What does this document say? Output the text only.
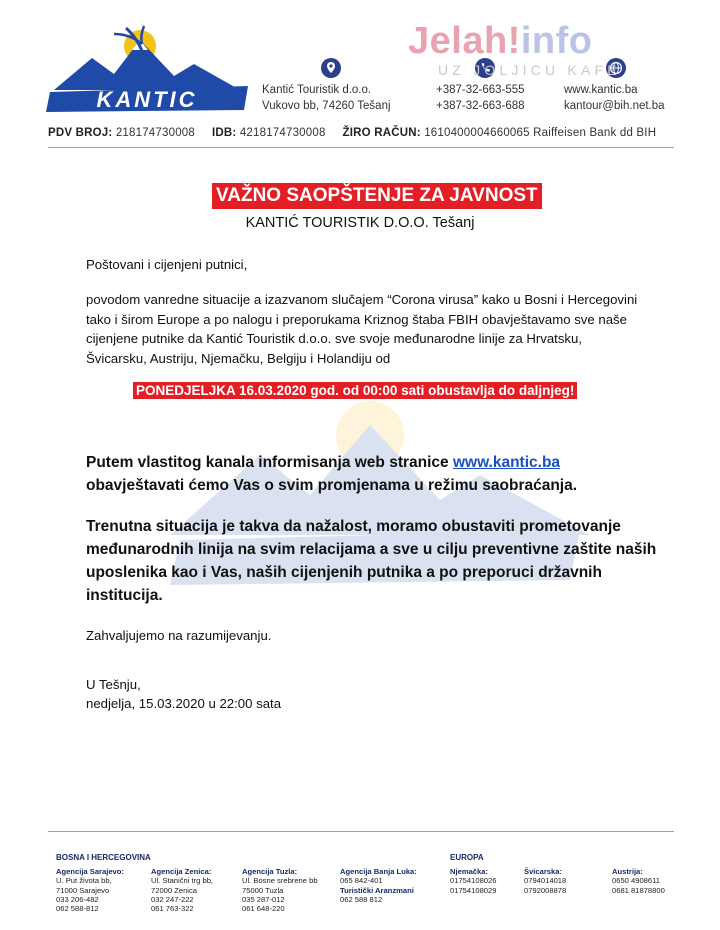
KANTIC	Kantić Touristik d.o.o.
Vukovo bb, 74260 Tešanj
+387-32-663-555
+387-32-663-688
www.kantic.ba
kantour@bih.net.ba
Jelah!info
UZ JOLJICU KAFE
PDV BROJ: 218174730008 IDB: 4218174730008 ŽIRO RAČUN: 1610400004660065 Raiffeisen Bank dd BIH
VAŽNO SAOPŠTENJE ZA JAVNOST
KANTIĆ TOURISTIK D.O.O. Tešanj
Poštovani i cijenjeni putnici,
povodom vanredne situacije a izazvanom slučajem “Corona virusa” kako u Bosni i Hercegovini tako i širom Europe a po nalogu i preporukama Kriznog štaba FBIH obavještavamo sve naše cijenjene putnike da Kantić Touristik d.o.o. sve svoje međunarodne linije za Hrvatsku, Švicarsku, Austriju, Njemačku, Belgiju i Holandiju od
PONEDJELJKA 16.03.2020 god. od 00:00 sati obustavlja do daljnjeg!
Putem vlastitog kanala informisanja web stranice www.kantic.ba obavještavati ćemo Vas o svim promjenama u režimu saobraćanja.
Trenutna situacija je takva da nažalost, moramo obustaviti prometovanje međunarodnih linija na svim relacijama a sve u cilju preventivne zaštite naših uposlenika kao i Vas, naših cijenjenih putnika a po preporuci državnih institucija.
Zahvaljujemo na razumijevanju.
U Tešnju,
nedjelja, 15.03.2020 u 22:00 sata
BOSNA I HERCEGOVINA	EUROPA
Agencija Sarajevo:
U. Put života bb,
71000 Sarajevo
033 206-482
062 588-812
Agencija Zenica:
Ul. Stanični trg bb,
72000 Zenica
032 247-222
061 763-322
Agencija Tuzla:
Ul. Bosne srebrene bb
75000 Tuzla
035 287-012
061 648-220
Agencija Banja Luka:
065 842-401
Turistički Aranzmani
062 588 812
Njemačka:
01754108026
01754108029
Švicarska:
0794014018
0792008878
Austrija:
0650 4908611
0681 81878800
